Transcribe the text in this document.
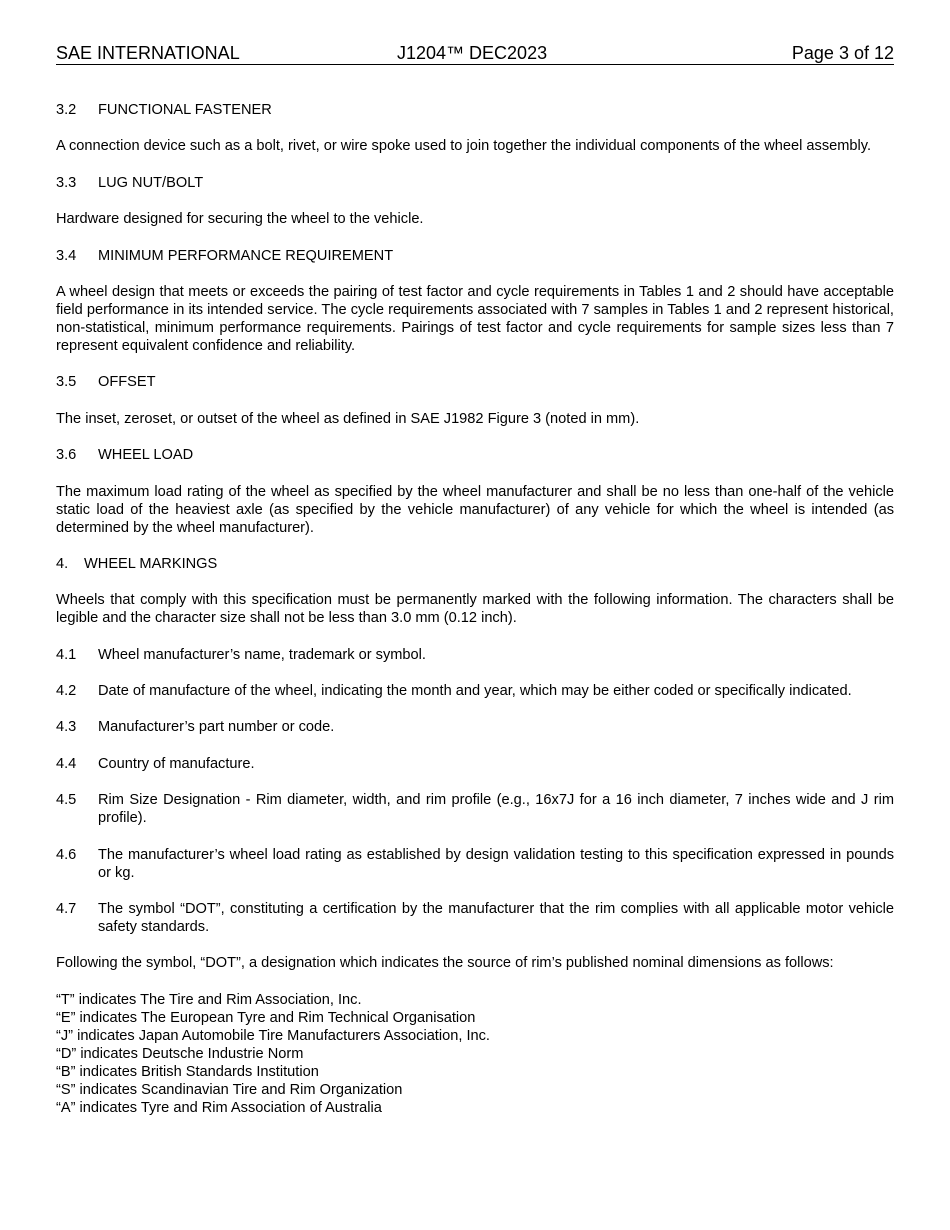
SAE INTERNATIONAL	J1204™ DEC2023	Page 3 of 12
3.2 FUNCTIONAL FASTENER

A connection device such as a bolt, rivet, or wire spoke used to join together the individual components of the wheel assembly.

3.3 LUG NUT/BOLT

Hardware designed for securing the wheel to the vehicle.

3.4 MINIMUM PERFORMANCE REQUIREMENT

A wheel design that meets or exceeds the pairing of test factor and cycle requirements in Tables 1 and 2 should have acceptable field performance in its intended service. The cycle requirements associated with 7 samples in Tables 1 and 2 represent historical, non-statistical, minimum performance requirements. Pairings of test factor and cycle requirements for sample sizes less than 7 represent equivalent confidence and reliability.

3.5 OFFSET

The inset, zeroset, or outset of the wheel as defined in SAE J1982 Figure 3 (noted in mm).

3.6 WHEEL LOAD

The maximum load rating of the wheel as specified by the wheel manufacturer and shall be no less than one-half of the vehicle static load of the heaviest axle (as specified by the vehicle manufacturer) of any vehicle for which the wheel is intended (as determined by the wheel manufacturer).

4. WHEEL MARKINGS

Wheels that comply with this specification must be permanently marked with the following information. The characters shall be legible and the character size shall not be less than 3.0 mm (0.12 inch).

4.1 Wheel manufacturer’s name, trademark or symbol.
4.2 Date of manufacture of the wheel, indicating the month and year, which may be either coded or specifically indicated.
4.3 Manufacturer’s part number or code.
4.4 Country of manufacture.
4.5 Rim Size Designation - Rim diameter, width, and rim profile (e.g., 16x7J for a 16 inch diameter, 7 inches wide and J rim profile).
4.6 The manufacturer’s wheel load rating as established by design validation testing to this specification expressed in pounds or kg.
4.7 The symbol “DOT”, constituting a certification by the manufacturer that the rim complies with all applicable motor vehicle safety standards.

Following the symbol, “DOT”, a designation which indicates the source of rim’s published nominal dimensions as follows:

“T” indicates The Tire and Rim Association, Inc.
“E” indicates The European Tyre and Rim Technical Organisation
“J” indicates Japan Automobile Tire Manufacturers Association, Inc.
“D” indicates Deutsche Industrie Norm
“B” indicates British Standards Institution
“S” indicates Scandinavian Tire and Rim Organization
“A” indicates Tyre and Rim Association of Australia
